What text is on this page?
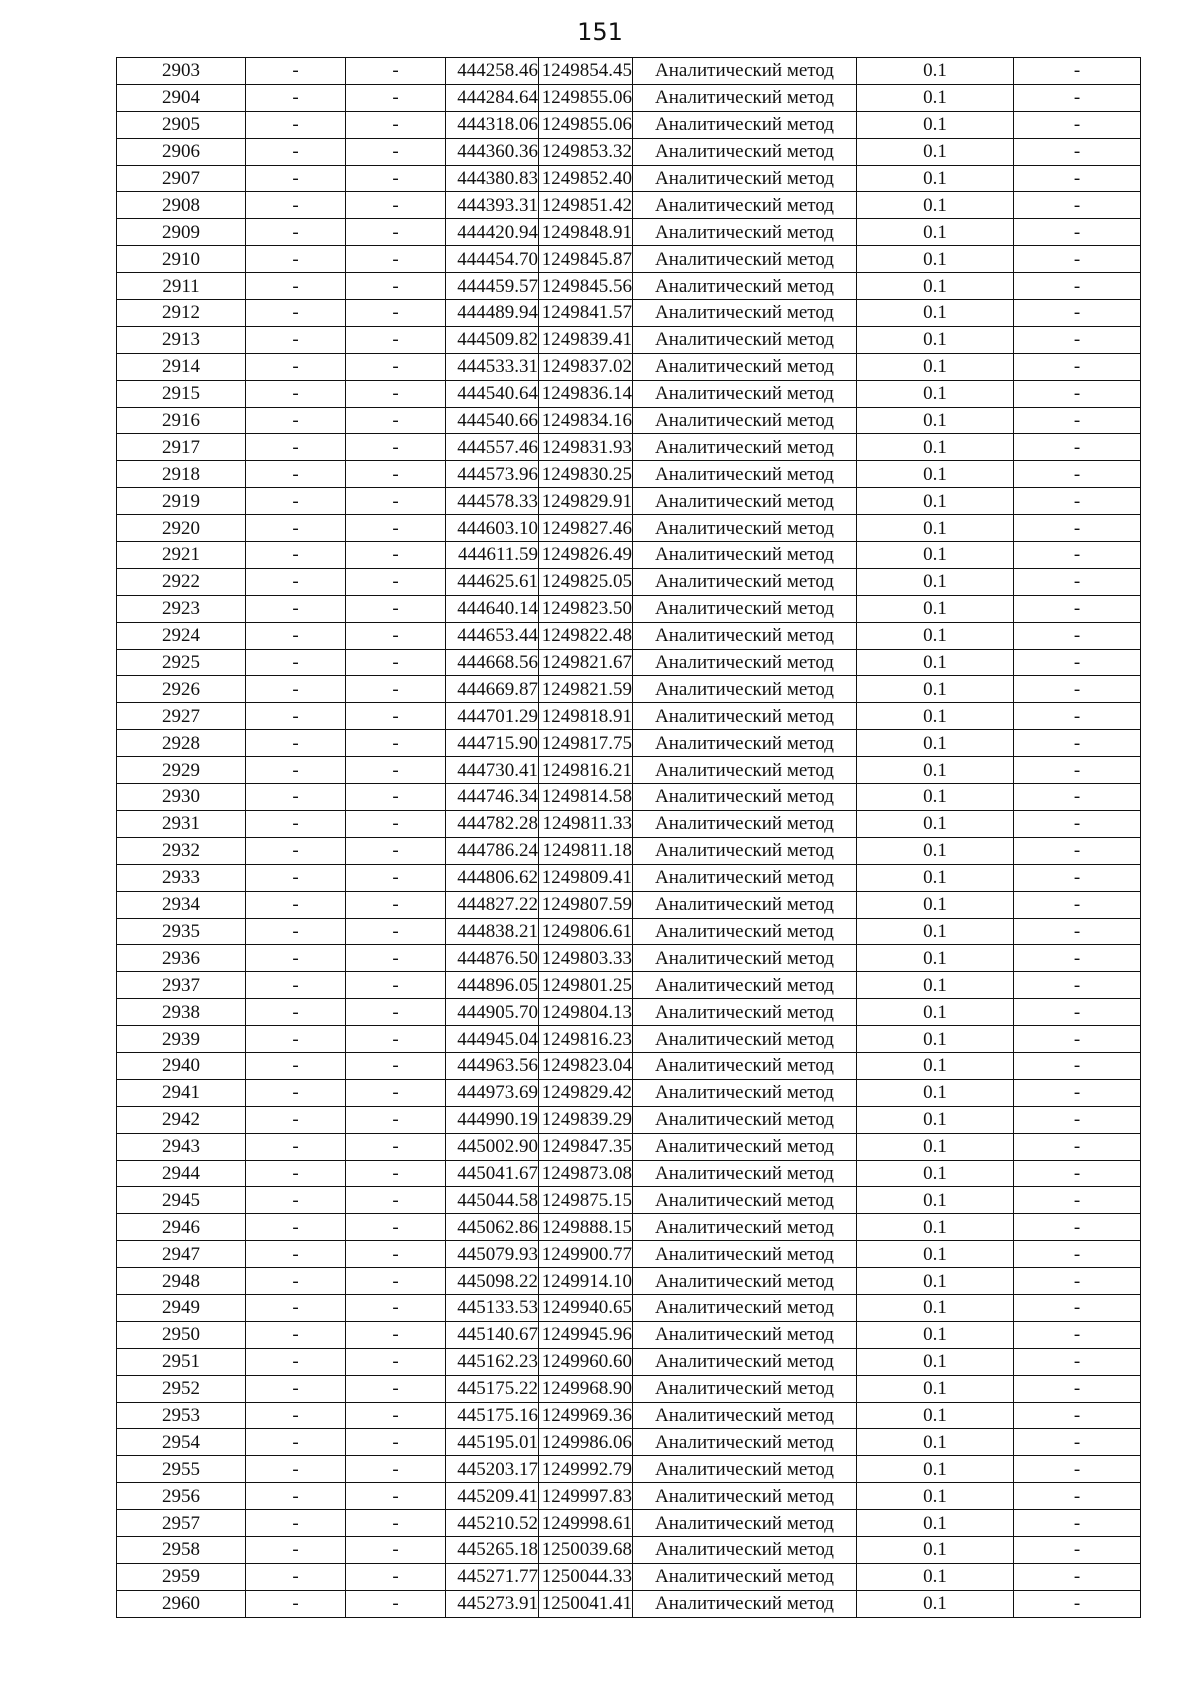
151
2903	-	-	444258.46	1249854.45	Аналитический метод	0.1	-
2904	-	-	444284.64	1249855.06	Аналитический метод	0.1	-
2905	-	-	444318.06	1249855.06	Аналитический метод	0.1	-
2906	-	-	444360.36	1249853.32	Аналитический метод	0.1	-
2907	-	-	444380.83	1249852.40	Аналитический метод	0.1	-
2908	-	-	444393.31	1249851.42	Аналитический метод	0.1	-
2909	-	-	444420.94	1249848.91	Аналитический метод	0.1	-
2910	-	-	444454.70	1249845.87	Аналитический метод	0.1	-
2911	-	-	444459.57	1249845.56	Аналитический метод	0.1	-
2912	-	-	444489.94	1249841.57	Аналитический метод	0.1	-
2913	-	-	444509.82	1249839.41	Аналитический метод	0.1	-
2914	-	-	444533.31	1249837.02	Аналитический метод	0.1	-
2915	-	-	444540.64	1249836.14	Аналитический метод	0.1	-
2916	-	-	444540.66	1249834.16	Аналитический метод	0.1	-
2917	-	-	444557.46	1249831.93	Аналитический метод	0.1	-
2918	-	-	444573.96	1249830.25	Аналитический метод	0.1	-
2919	-	-	444578.33	1249829.91	Аналитический метод	0.1	-
2920	-	-	444603.10	1249827.46	Аналитический метод	0.1	-
2921	-	-	444611.59	1249826.49	Аналитический метод	0.1	-
2922	-	-	444625.61	1249825.05	Аналитический метод	0.1	-
2923	-	-	444640.14	1249823.50	Аналитический метод	0.1	-
2924	-	-	444653.44	1249822.48	Аналитический метод	0.1	-
2925	-	-	444668.56	1249821.67	Аналитический метод	0.1	-
2926	-	-	444669.87	1249821.59	Аналитический метод	0.1	-
2927	-	-	444701.29	1249818.91	Аналитический метод	0.1	-
2928	-	-	444715.90	1249817.75	Аналитический метод	0.1	-
2929	-	-	444730.41	1249816.21	Аналитический метод	0.1	-
2930	-	-	444746.34	1249814.58	Аналитический метод	0.1	-
2931	-	-	444782.28	1249811.33	Аналитический метод	0.1	-
2932	-	-	444786.24	1249811.18	Аналитический метод	0.1	-
2933	-	-	444806.62	1249809.41	Аналитический метод	0.1	-
2934	-	-	444827.22	1249807.59	Аналитический метод	0.1	-
2935	-	-	444838.21	1249806.61	Аналитический метод	0.1	-
2936	-	-	444876.50	1249803.33	Аналитический метод	0.1	-
2937	-	-	444896.05	1249801.25	Аналитический метод	0.1	-
2938	-	-	444905.70	1249804.13	Аналитический метод	0.1	-
2939	-	-	444945.04	1249816.23	Аналитический метод	0.1	-
2940	-	-	444963.56	1249823.04	Аналитический метод	0.1	-
2941	-	-	444973.69	1249829.42	Аналитический метод	0.1	-
2942	-	-	444990.19	1249839.29	Аналитический метод	0.1	-
2943	-	-	445002.90	1249847.35	Аналитический метод	0.1	-
2944	-	-	445041.67	1249873.08	Аналитический метод	0.1	-
2945	-	-	445044.58	1249875.15	Аналитический метод	0.1	-
2946	-	-	445062.86	1249888.15	Аналитический метод	0.1	-
2947	-	-	445079.93	1249900.77	Аналитический метод	0.1	-
2948	-	-	445098.22	1249914.10	Аналитический метод	0.1	-
2949	-	-	445133.53	1249940.65	Аналитический метод	0.1	-
2950	-	-	445140.67	1249945.96	Аналитический метод	0.1	-
2951	-	-	445162.23	1249960.60	Аналитический метод	0.1	-
2952	-	-	445175.22	1249968.90	Аналитический метод	0.1	-
2953	-	-	445175.16	1249969.36	Аналитический метод	0.1	-
2954	-	-	445195.01	1249986.06	Аналитический метод	0.1	-
2955	-	-	445203.17	1249992.79	Аналитический метод	0.1	-
2956	-	-	445209.41	1249997.83	Аналитический метод	0.1	-
2957	-	-	445210.52	1249998.61	Аналитический метод	0.1	-
2958	-	-	445265.18	1250039.68	Аналитический метод	0.1	-
2959	-	-	445271.77	1250044.33	Аналитический метод	0.1	-
2960	-	-	445273.91	1250041.41	Аналитический метод	0.1	-
